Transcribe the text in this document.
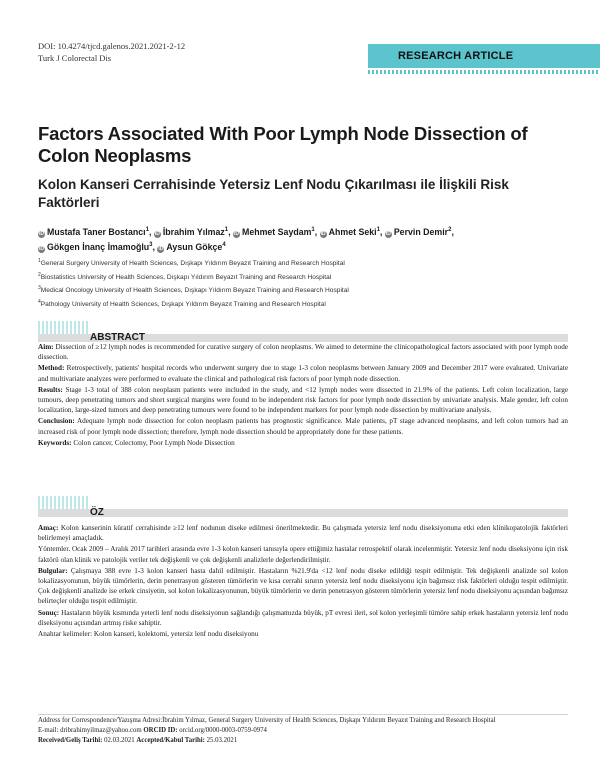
DOI: 10.4274/tjcd.galenos.2021.2021-2-12
Turk J Colorectal Dis	RESEARCH ARTICLE
Factors Associated With Poor Lymph Node Dissection of Colon Neoplasms
Kolon Kanseri Cerrahisinde Yetersiz Lenf Nodu Çıkarılması ile İlişkili Risk Faktörleri
iD Mustafa Taner Bostancı$^1$, iD İbrahim Yılmaz$^1$, iD Mehmet Saydam$^1$, iD Ahmet Seki$^1$, iD Pervin Demir$^2$,
iD Gökgen İnanç İmamoğlu$^3$, iD Aysun Gökçe$^4$
$^1$General Surgery University of Health Sciences, Dışkapı Yıldırım Beyazıt Training and Research Hospital
$^2$Biostatistics University of Health Sciences, Dışkapı Yıldırım Beyazıt Training and Research Hospital
$^3$Medical Oncology University of Health Sciences, Dışkapı Yıldırım Beyazıt Training and Research Hospital
$^4$Pathology University of Health Sciences, Dışkapı Yıldırım Beyazıt Training and Research Hospital
ABSTRACT

Aim: Dissection of ≥12 lymph nodes is recommended for curative surgery of colon neoplasms. We aimed to determine the clinicopathological factors associated with poor lymph node dissection.

Method: Retrospectively, patients' hospital records who underwent surgery due to stage 1-3 colon neoplasms between January 2009 and December 2017 were evaluated. Univariate and multivariate analyzes were performed to evaluate the clinical and pathological risk factors of poor lymph node dissection.

Results: Stage 1-3 total of 388 colon neoplasm patients were included in the study, and <12 lymph nodes were dissected in 21.9% of the patients. Left colon localization, large tumours, deep penetrating tumors and short surgical margins were found to be independent risk factors for poor lymph node dissection by univariate analysis. Male gender, left colon localization, large-sized tumors and deep penetrating tumours were found to be independent markers for poor lymph node dissection by multivariate analysis.

Conclusion: Adequate lymph node dissection for colon neoplasm patients has prognostic significance. Male patients, pT stage advanced neoplasms, and left colon tumors had an increased risk of poor lymph node dissection; therefore, lymph node dissection should be appropriately done for these patients.

Keywords: Colon cancer, Colectomy, Poor Lymph Node Dissection

ÖZ

Amaç: Kolon kanserinin küratif cerrahisinde ≥12 lenf nodunun diseke edilmesi önerilmektedir. Bu çalışmada yetersiz lenf nodu diseksiyonuna etki eden klinikopatolojik faktörleri belirlemeyi amaçladık.

Yöntemler. Ocak 2009 – Aralık 2017 tarihleri arasında evre 1-3 kolon kanseri tanısıyla opere ettiğimiz hastalar retrospektif olarak incelenmiştir. Yetersiz lenf nodu diseksiyonu için risk faktörü olan klinik ve patolojik veriler tek değişkenli ve çok değişkenli analizlerle değerlendirilmiştir.

Bulgular: Çalışmaya 388 evre 1-3 kolon kanseri hasta dahil edilmiştir. Hastaların %21.9'da <12 lenf nodu diseke edildiği tespit edilmiştir. Tek değişkenli analizde sol kolon lokalizasyonunun, büyük tümörlerin, derin penetrasyon gösteren tümörlerin ve kısa cerrahi sınırın yetersiz lenf nodu diseksiyonu için bağımsız risk faktörleri olduğu tespit edilmiştir. Çok değişkenli analizde ise erkek cinsiyetin, sol kolon lokalizasyonunun, büyük tümörlerin ve derin penetrasyon gösteren tümörlerin yetersiz lenf nodu diseksiyonu açısından bağımsız belirteçler olduğu tespit edilmiştir.

Sonuç: Hastaların büyük kısmında yeterli lenf nodu diseksiyonun sağlandığı çalışmamızda büyük, pT evresi ileri, sol kolon yerleşimli tümöre sahip erkek hastaların yetersiz lenf nodu diseksiyonu açısından artmış riske sahiptir.

Anahtar kelimeler: Kolon kanseri, kolektomi, yetersiz lenf nodu diseksiyonu

Address for Correspondence/Yazışma Adresi:İbrahim Yılmaz, General Surgery University of Health Sciences, Dışkapı Yıldırım Beyazıt Training and Research Hospital
E-mail: dribrahimyilmaz@yahoo.com ORCID ID: orcid.org/0000-0003-0759-0974
Received/Geliş Tarihi: 02.03.2021 Accepted/Kabul Tarihi: 25.03.2021
